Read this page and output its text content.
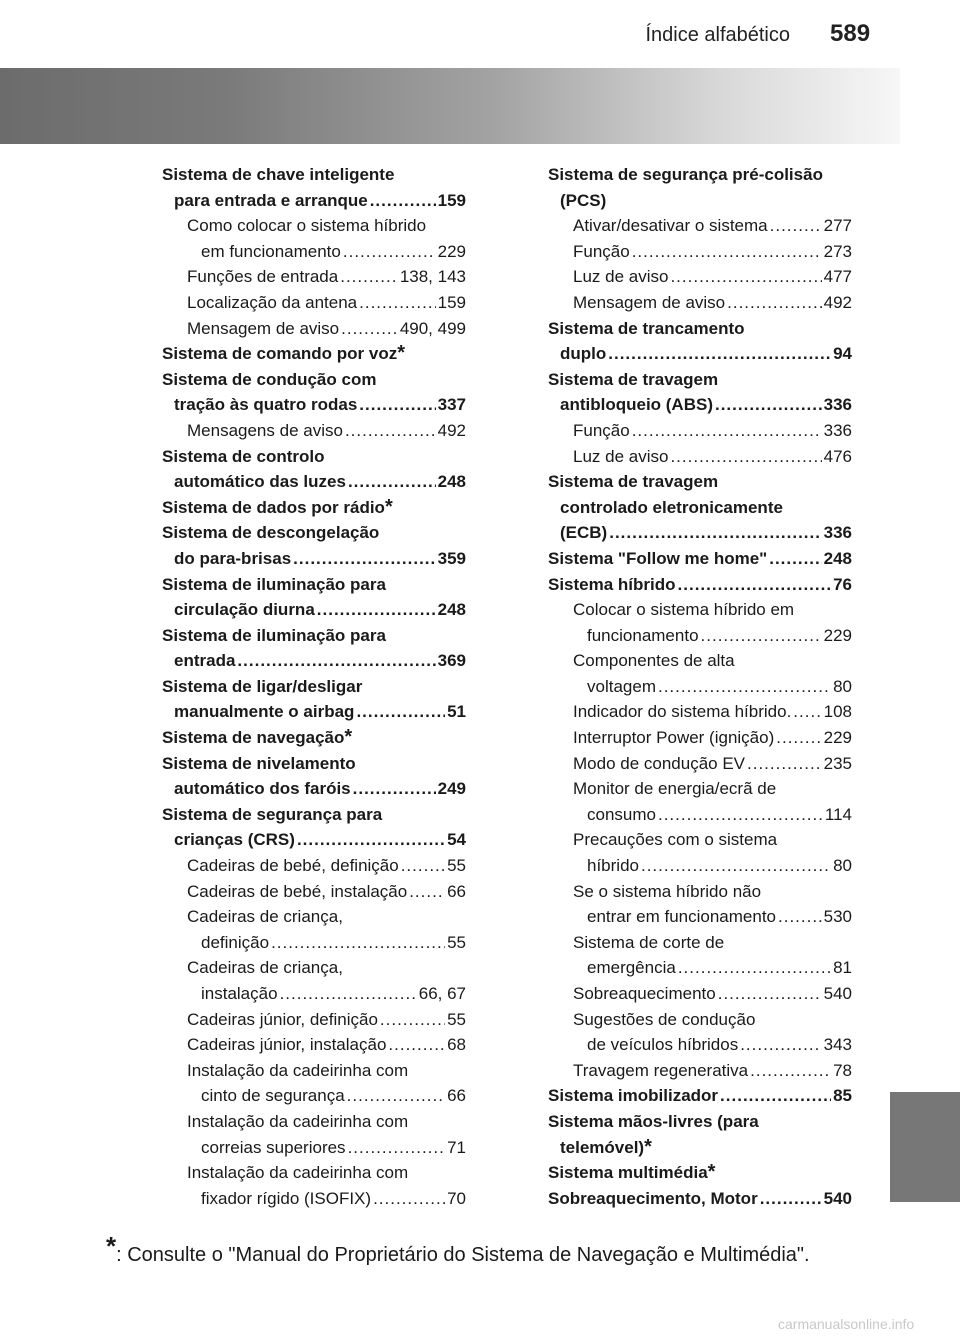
Índice alfabético 589
Sistema de chave inteligente
para entrada e arranque .....	159
Como colocar o sistema híbrido
em funcionamento .....	229
Funções de entrada .....	138, 143
Localização da antena .....	159
Mensagem de aviso .....	490, 499
Sistema de comando por voz *
Sistema de condução com
tração às quatro rodas .....	337
Mensagens de aviso .....	492
Sistema de controlo
automático das luzes .....	248
Sistema de dados por rádio *
Sistema de descongelação
do para-brisas .....	359
Sistema de iluminação para
circulação diurna .....	248
Sistema de iluminação para
entrada .....	369
Sistema de ligar/desligar
manualmente o airbag .....	51
Sistema de navegação *
Sistema de nivelamento
automático dos faróis .....	249
Sistema de segurança para
crianças (CRS) .....	54
Cadeiras de bebé, definição .....	55
Cadeiras de bebé, instalação ..... 66
Cadeiras de criança,
definição .....	55
Cadeiras de criança,
instalação .....	66, 67
Cadeiras júnior, definição .....	55
Cadeiras júnior, instalação .....	68
Instalação da cadeirinha com
cinto de segurança .....	66
Instalação da cadeirinha com
correias superiores .....	71
Instalação da cadeirinha com
fixador rígido (ISOFIX) .....	70
Sistema de segurança pré-colisão
(PCS)
Ativar/desativar o sistema .....	277
Função .....	273
Luz de aviso .....	477
Mensagem de aviso .....	492
Sistema de trancamento
duplo .....	94
Sistema de travagem
antibloqueio (ABS) .....	336
Função .....	336
Luz de aviso .....	476
Sistema de travagem
controlado eletronicamente
(ECB) .....	336
Sistema "Follow me home" .....	248
Sistema híbrido .....	76
Colocar o sistema híbrido em
funcionamento .....	229
Componentes de alta
voltagem .....	80
Indicador do sistema híbrido. ..... 108
Interruptor Power (ignição) .....	229
Modo de condução EV .....	235
Monitor de energia/ecrã de
consumo .....	114
Precauções com o sistema
híbrido .....	80
Se o sistema híbrido não
entrar em funcionamento .....	530
Sistema de corte de
emergência .....	81
Sobreaquecimento .....	540
Sugestões de condução
de veículos híbridos .....	343
Travagem regenerativa .....	78
Sistema imobilizador .....	85
Sistema mãos-livres (para
telemóvel) *
Sistema multimédia *
Sobreaquecimento, Motor .....	540
*: Consulte o "Manual do Proprietário do Sistema de Navegação e Multimédia".
carmanualsonline.info
